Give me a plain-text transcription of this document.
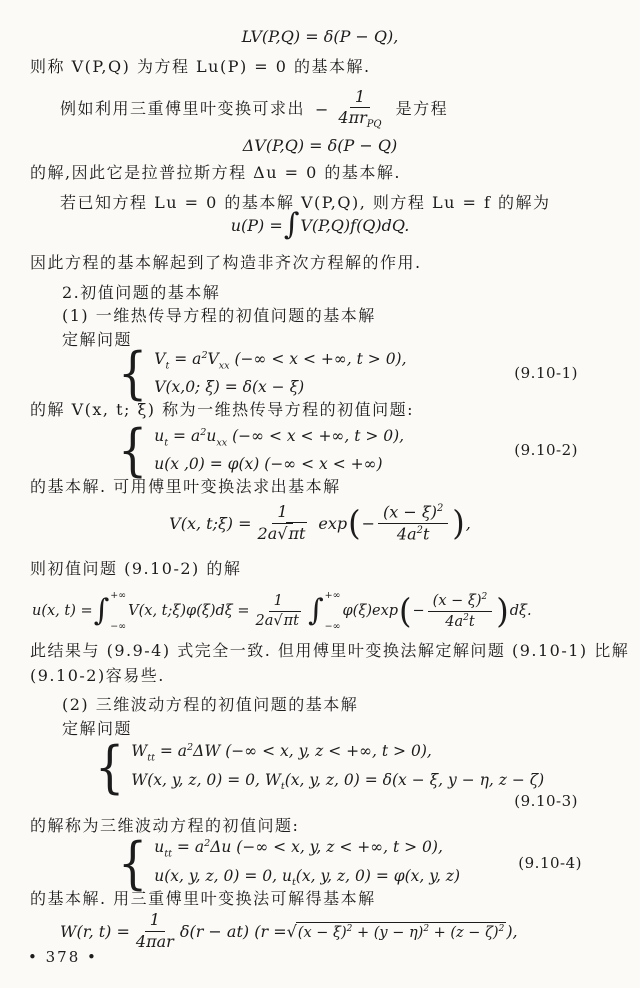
LV(P,Q) = δ(P − Q),
则称 V(P,Q) 为方程 Lu(P) = 0 的基本解.
例如利用三重傅里叶变换可求出 − $\frac{1}{4\pi r_{PQ}}$ 是方程
ΔV(P,Q) = δ(P − Q)
的解,因此它是拉普拉斯方程 Δu = 0 的基本解.
若已知方程 Lu = 0 的基本解 V(P,Q), 则方程 Lu = f 的解为
u(P) = ∫ V(P,Q)f(Q)dQ.
因此方程的基本解起到了构造非齐次方程解的作用.
2.初值问题的基本解
(1) 一维热传导方程的初值问题的基本解
定解问题
{ $V_t = a^2V_{xx}$ (−∞ < x < +∞, t > 0),
V(x,0; ξ) = δ(x − ξ)
(9.10-1)
的解 V(x, t; ξ) 称为一维热传导方程的初值问题:
{ $u_t = a^2u_{xx}$ (−∞ < x < +∞, t > 0),
u(x ,0) = φ(x) (−∞ < x < +∞)
(9.10-2)
的基本解. 可用傅里叶变换法求出基本解
V(x, t;ξ) = $\frac{1}{2a√\pi t}$ exp ( − $\frac{(x - \xi)^2}{4a^2t}$ ) ,
则初值问题 (9.10-2) 的解
u(x, t) = ∫ +∞
−∞
V(x, t;ξ)φ(ξ)dξ = $\frac{1}{2a√\pi t}$ ∫ +∞
−∞
φ(ξ)exp ( − $\frac{(x - \xi)^2}{4a^2t}$ ) dξ.
此结果与 (9.9-4) 式完全一致. 但用傅里叶变换法解定解问题 (9.10-1) 比解
(9.10-2)容易些.
(2) 三维波动方程的初值问题的基本解
定解问题
{ $W_{tt} = a^2\Delta W$ (−∞ < x, y, z < +∞, t > 0),
W(x, y, z, 0) = 0, $W_t(x$, y, z, 0) = δ(x − ξ, y − η, z − ζ)
(9.10-3)
的解称为三维波动方程的初值问题:
{ $u_{tt} = a^2\Delta u$ (−∞ < x, y, z < +∞, t > 0),
u(x, y, z, 0) = 0, $u_t(x$, y, z, 0) = φ(x, y, z)
(9.10-4)
的基本解. 用三重傅里叶变换法可解得基本解
W(r, $t) = \frac{1}{\text{4πar}} \delta(r - at) (r$ = √ $(x - \xi)^2 + (y - \eta)^2 + (z - \zeta)^2$ ),
• 378 •
